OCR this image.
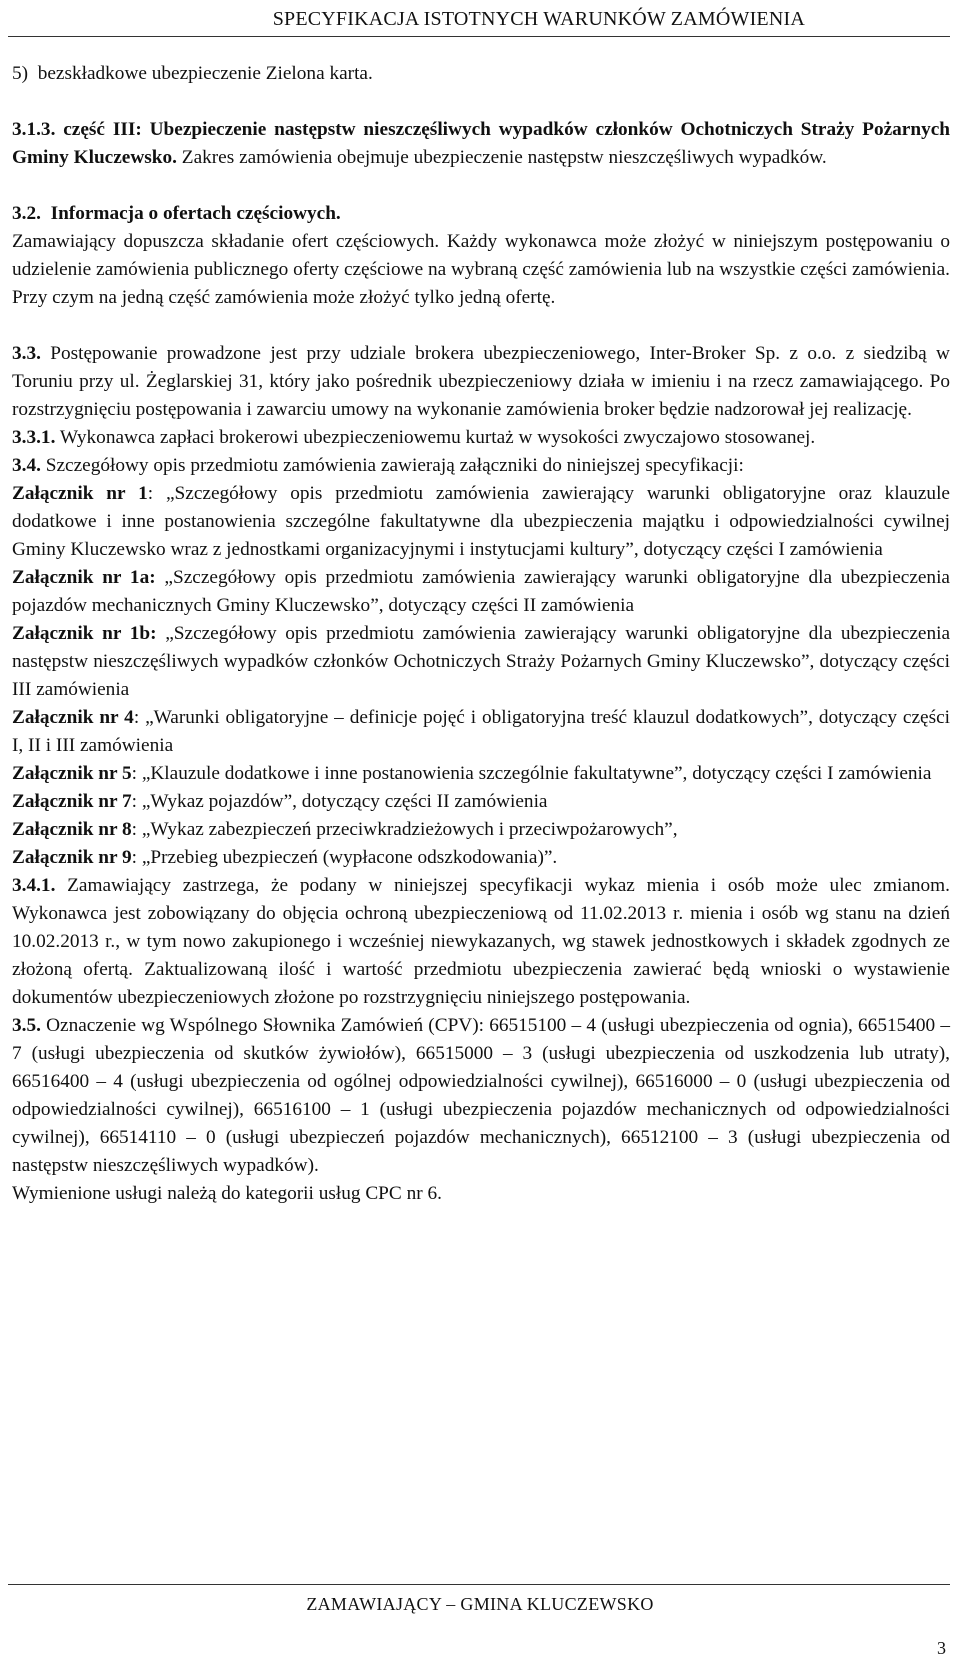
SPECYFIKACJA ISTOTNYCH WARUNKÓW ZAMÓWIENIA

5)  bezskładkowe ubezpieczenie Zielona karta.

3.1.3. część III: Ubezpieczenie następstw nieszczęśliwych wypadków członków Ochotniczych Straży Pożarnych Gminy Kluczewsko. Zakres zamówienia obejmuje ubezpieczenie następstw nieszczęśliwych wypadków.

3.2.  Informacja o ofertach częściowych.

Zamawiający dopuszcza składanie ofert częściowych. Każdy wykonawca może złożyć w niniejszym postępowaniu o udzielenie zamówienia publicznego oferty częściowe na wybraną część zamówienia lub na wszystkie części zamówienia. Przy czym na jedną część zamówienia może złożyć tylko jedną ofertę.

3.3. Postępowanie prowadzone jest przy udziale brokera ubezpieczeniowego, Inter-Broker Sp. z o.o. z siedzibą w Toruniu przy ul. Żeglarskiej 31, który jako pośrednik ubezpieczeniowy działa w imieniu i na rzecz zamawiającego. Po rozstrzygnięciu postępowania i zawarciu umowy na wykonanie zamówienia broker będzie nadzorował jej realizację.

3.3.1. Wykonawca zapłaci brokerowi ubezpieczeniowemu kurtaż w wysokości zwyczajowo stosowanej.

3.4. Szczegółowy opis przedmiotu zamówienia zawierają załączniki do niniejszej specyfikacji:

Załącznik nr 1: „Szczegółowy opis przedmiotu zamówienia zawierający warunki obligatoryjne oraz klauzule dodatkowe i inne postanowienia szczególne fakultatywne dla ubezpieczenia majątku i odpowiedzialności cywilnej Gminy Kluczewsko wraz z jednostkami organizacyjnymi i instytucjami kultury”, dotyczący części I zamówienia

Załącznik nr 1a: „Szczegółowy opis przedmiotu zamówienia zawierający warunki obligatoryjne dla ubezpieczenia pojazdów mechanicznych Gminy Kluczewsko”, dotyczący części II zamówienia

Załącznik nr 1b: „Szczegółowy opis przedmiotu zamówienia zawierający warunki obligatoryjne dla ubezpieczenia następstw nieszczęśliwych wypadków członków Ochotniczych Straży Pożarnych Gminy Kluczewsko”, dotyczący części III zamówienia

Załącznik nr 4: „Warunki obligatoryjne – definicje pojęć i obligatoryjna treść klauzul dodatkowych”, dotyczący części I, II i III zamówienia

Załącznik nr 5: „Klauzule dodatkowe i inne postanowienia szczególnie fakultatywne”, dotyczący części I zamówienia

Załącznik nr 7: „Wykaz pojazdów”, dotyczący części II zamówienia

Załącznik nr 8: „Wykaz zabezpieczeń przeciwkradzieżowych i przeciwpożarowych”,

Załącznik nr 9: „Przebieg ubezpieczeń (wypłacone odszkodowania)”.

3.4.1. Zamawiający zastrzega, że podany w niniejszej specyfikacji wykaz mienia i osób może ulec zmianom. Wykonawca jest zobowiązany do objęcia ochroną ubezpieczeniową od 11.02.2013 r. mienia i osób wg stanu na dzień 10.02.2013 r., w tym nowo zakupionego i wcześniej niewykazanych, wg stawek jednostkowych i składek zgodnych ze złożoną ofertą. Zaktualizowaną ilość i wartość przedmiotu ubezpieczenia zawierać będą wnioski o wystawienie dokumentów ubezpieczeniowych złożone po rozstrzygnięciu niniejszego postępowania.

3.5. Oznaczenie wg Wspólnego Słownika Zamówień (CPV): 66515100 – 4 (usługi ubezpieczenia od ognia), 66515400 – 7 (usługi ubezpieczenia od skutków żywiołów), 66515000 – 3 (usługi ubezpieczenia od uszkodzenia lub utraty), 66516400 – 4 (usługi ubezpieczenia od ogólnej odpowiedzialności cywilnej), 66516000 – 0 (usługi ubezpieczenia od odpowiedzialności cywilnej), 66516100 – 1 (usługi ubezpieczenia pojazdów mechanicznych od odpowiedzialności cywilnej), 66514110 – 0 (usługi ubezpieczeń pojazdów mechanicznych), 66512100 – 3 (usługi ubezpieczenia od następstw nieszczęśliwych wypadków).

Wymienione usługi należą do kategorii usług CPC nr 6.

ZAMAWIAJĄCY – GMINA KLUCZEWSKO
3
